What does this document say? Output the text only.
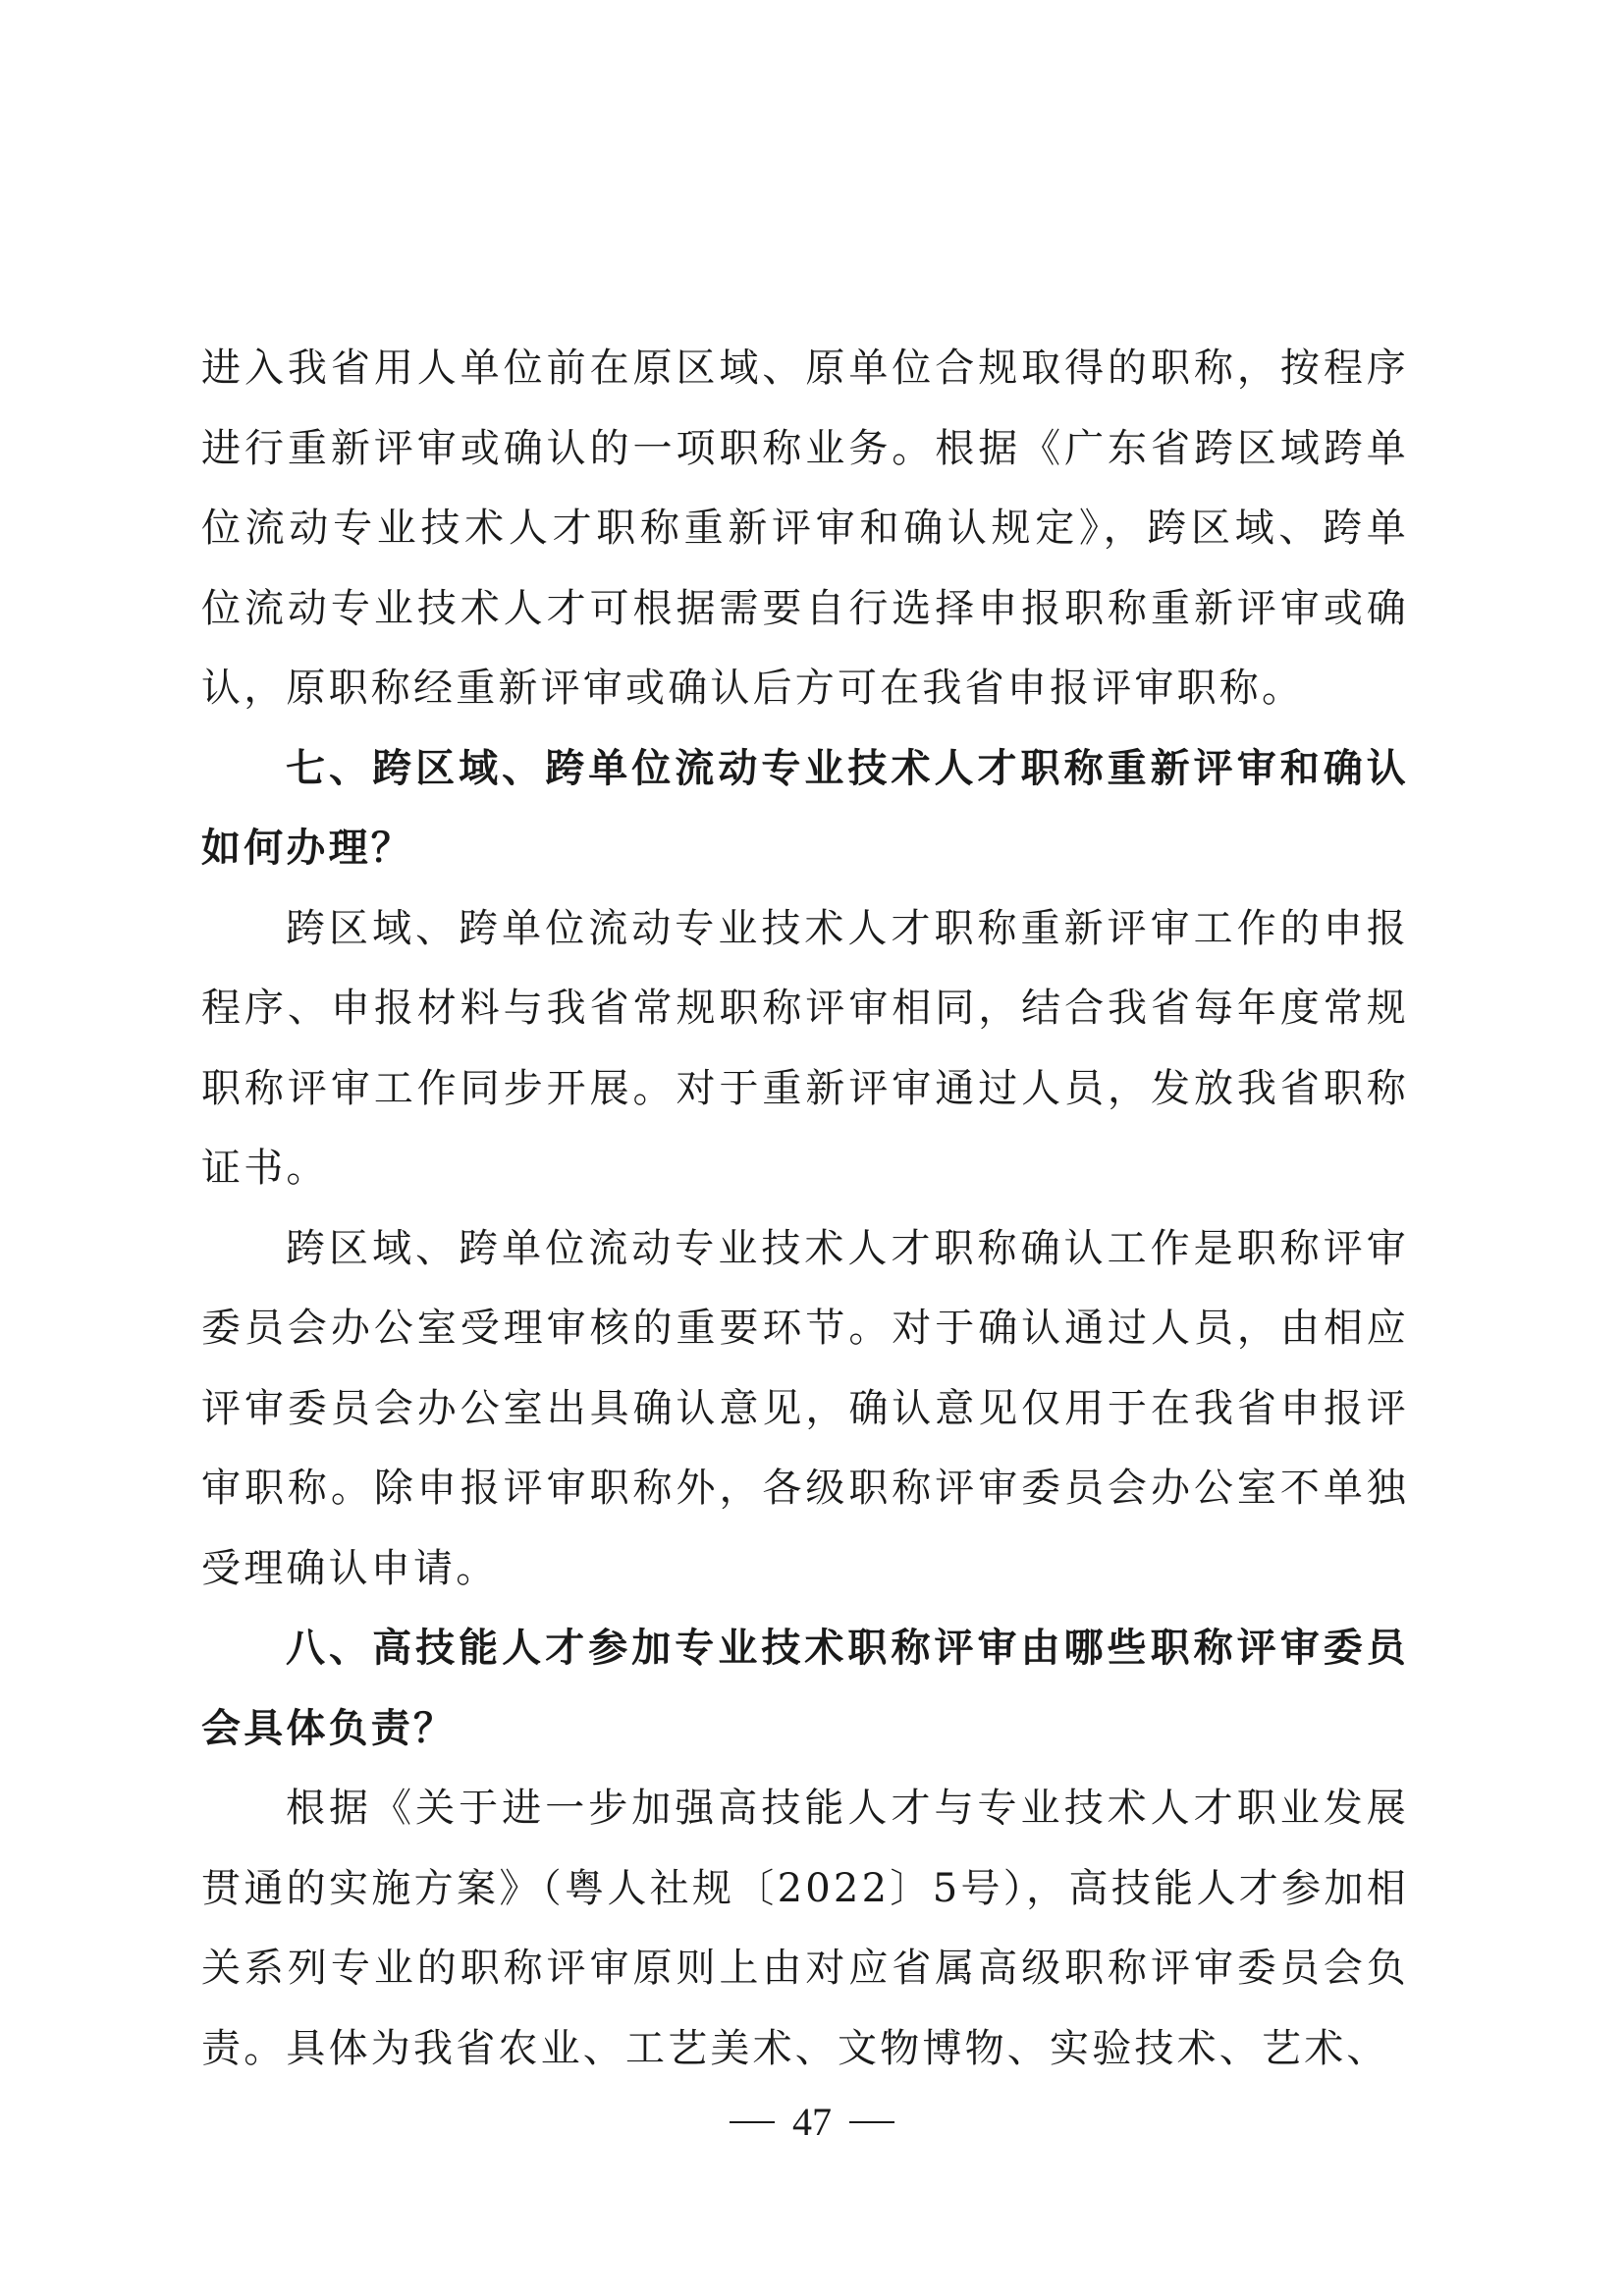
进入我省用人单位前在原区域、原单位合规取得的职称，按程序进行重新评审或确认的一项职称业务。根据《广东省跨区域跨单位流动专业技术人才职称重新评审和确认规定》，跨区域、跨单位流动专业技术人才可根据需要自行选择申报职称重新评审或确认，原职称经重新评审或确认后方可在我省申报评审职称。

七、跨区域、跨单位流动专业技术人才职称重新评审和确认如何办理？

跨区域、跨单位流动专业技术人才职称重新评审工作的申报程序、申报材料与我省常规职称评审相同，结合我省每年度常规职称评审工作同步开展。对于重新评审通过人员，发放我省职称证书。

跨区域、跨单位流动专业技术人才职称确认工作是职称评审委员会办公室受理审核的重要环节。对于确认通过人员，由相应评审委员会办公室出具确认意见，确认意见仅用于在我省申报评审职称。除申报评审职称外，各级职称评审委员会办公室不单独受理确认申请。

八、高技能人才参加专业技术职称评审由哪些职称评审委员会具体负责？

根据《关于进一步加强高技能人才与专业技术人才职业发展贯通的实施方案》（粤人社规〔2022〕5号），高技能人才参加相关系列专业的职称评审原则上由对应省属高级职称评审委员会负责。具体为我省农业、工艺美术、文物博物、实验技术、艺术、

47
